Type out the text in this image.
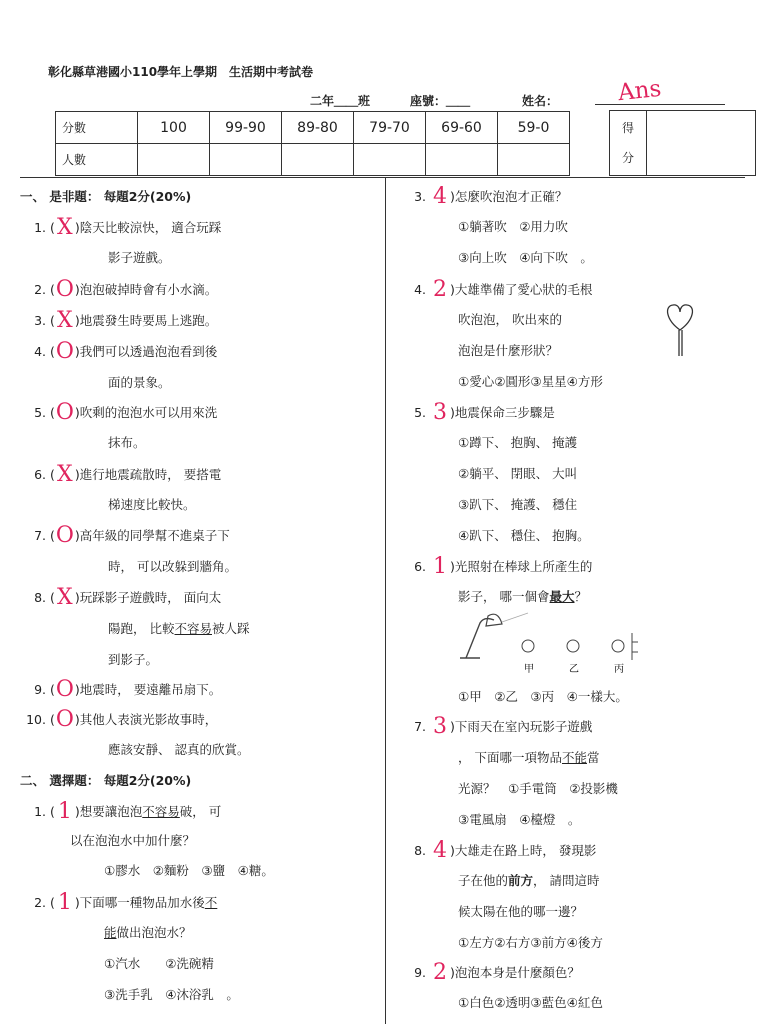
彰化縣草港國小110學年上學期　生活期中考試卷
二年＿＿班	座號：＿＿	姓名：	Ans
分數	100	99-90	89-80	79-70	69-60	59-0
人數						
得
分

一、 是非題： 每題2分(20%)
1. (X )陰天比較涼快， 適合玩踩
影子遊戲。
2. (O)泡泡破掉時會有小水滴。
3. (X )地震發生時要馬上逃跑。
4. (O)我們可以透過泡泡看到後
面的景象。
5. (O)吹剩的泡泡水可以用來洗
抹布。
6. (X )進行地震疏散時， 要搭電
梯速度比較快。
7. (O)高年級的同學幫不進桌子下
時， 可以改躲到牆角。
8. (X )玩踩影子遊戲時， 面向太
陽跑， 比較不容易被人踩
到影子。
9. (O)地震時， 要遠離吊扇下。
10. (O)其他人表演光影故事時，
應該安靜、 認真的欣賞。
二、 選擇題： 每題2分(20%)
1. ( 1 )想要讓泡泡不容易破， 可
以在泡泡水中加什麼？
①膠水　②麵粉　③鹽　④糖。
2. ( 1 )下面哪一種物品加水後不
能做出泡泡水？
①汽水　　②洗碗精
③洗手乳　④沐浴乳　。
3. 4 )怎麼吹泡泡才正確？
①躺著吹　②用力吹
③向上吹　④向下吹　。
4. 2 )大雄準備了愛心狀的毛根
吹泡泡， 吹出來的
泡泡是什麼形狀？
①愛心②圓形③星星④方形
5. 3 )地震保命三步驟是
①蹲下、 抱胸、 掩護
②躺平、 閉眼、 大叫
③趴下、 掩護、 穩住
④趴下、 穩住、 抱胸。
6. 1 )光照射在棒球上所產生的
影子， 哪一個會最大？
甲	乙	丙
①甲　②乙　③丙　④一樣大。
7. 3 )下雨天在室內玩影子遊戲
， 下面哪一項物品不能當
光源？　①手電筒　②投影機
③電風扇　④檯燈　。
8. 4 )大雄走在路上時， 發現影
子在他的前方， 請問這時
候太陽在他的哪一邊？
①左方②右方③前方④後方
9. 2 )泡泡本身是什麼顏色？
①白色②透明③藍色④紅色
